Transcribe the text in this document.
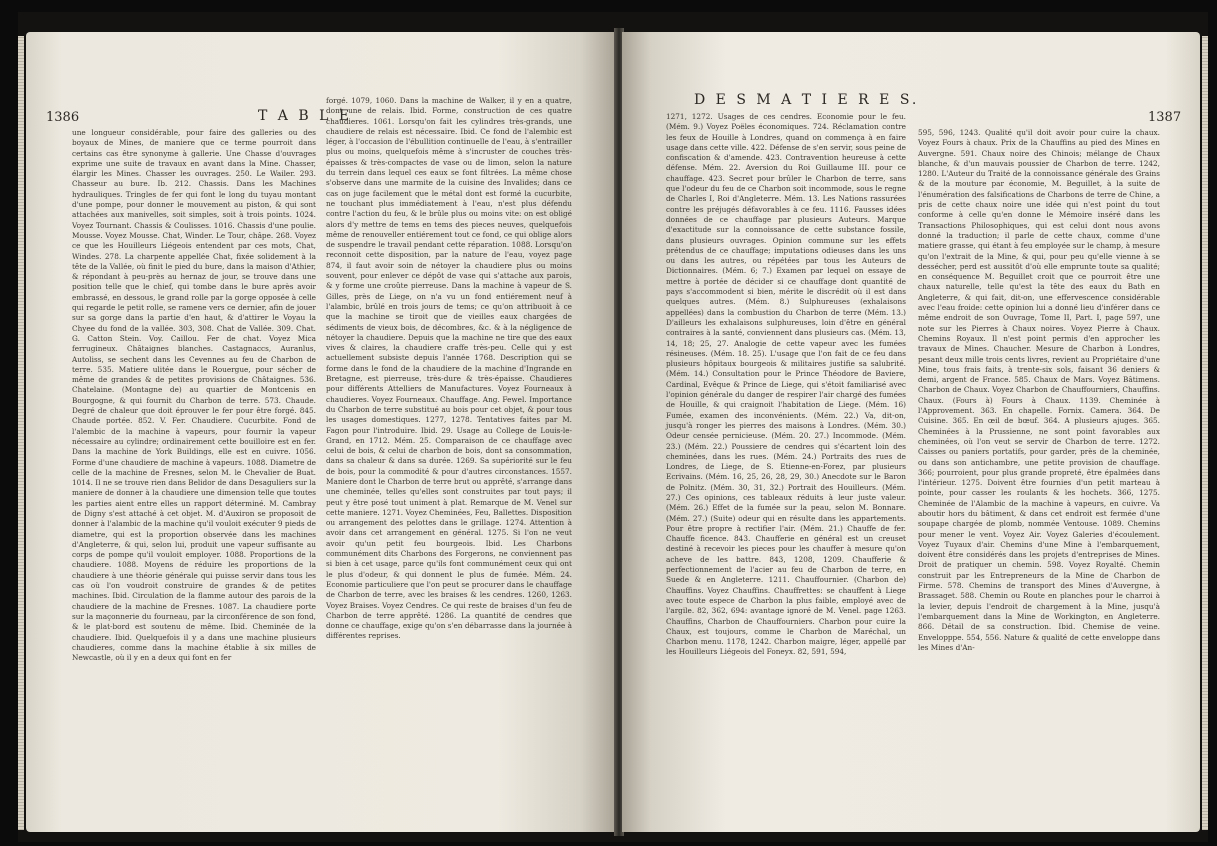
1386	T A B L E

une longueur considérable, pour faire des galleries ou des boyaux de Mines, de maniere que ce terme pourroit dans certains cas être synonyme à gallerie. Une Chasse d'ouvrages exprime une suite de travaux en avant dans la Mine. Chasser, élargir les Mines. Chasser les ouvrages. 250. Le Wailer. 293. Chasseur au bure. Ib. 212. Chassis. Dans les Machines hydrauliques. Tringles de fer qui font le long du tuyau montant d'une pompe, pour donner le mouvement au piston, & qui sont attachées aux manivelles, soit simples, soit à trois points. 1024. Voyez Tournant. Chassis & Coulisses. 1016. Chassis d'une poulie. Mousse. Voyez Mousse. Chat, Winder. Le Tour, châpe. 268. Voyez ce que les Houilleurs Liégeois entendent par ces mots, Chat, Windes. 278. La charpente appellée Chat, fixée solidement à la tête de la Vallée, où finit le pied du bure, dans la maison d'Athier, & répondant à peu-près au hernaz de jour, se trouve dans une position telle que le chief, qui tombe dans le bure après avoir embrassé, en dessous, le grand rolle par la gorge opposée à celle qui regarde le petit rolle, se ramene vers ce dernier, afin de jouer sur sa gorge dans la partie d'en haut, & d'attirer le Voyau la Chyee du fond de la vallée. 303, 308. Chat de Vallée. 309. Chat. G. Catton Stein. Voy. Caillou. Fer de chat. Voyez Mica ferrugineux. Châtaignes blanches. Castagnaccs, Auranlus, Autoliss, se sechent dans les Cevennes au feu de Charbon de terre. 535. Matiere ulitée dans le Rouergue, pour sécher de même de grandes & de petites provisions de Châtaignes. 536. Chatelaine. (Montagne de) au quartier de Montcenis en Bourgogne, & qui fournit du Charbon de terre. 573. Chaude. Degré de chaleur que doit éprouver le fer pour être forgé. 845. Chaude portée. 852. V. Fer. Chaudiere. Cucurbite. Fond de l'alembic de la machine à vapeurs, pour fournir la vapeur nécessaire au cylindre; ordinairement cette bouilloire est en fer. Dans la machine de York Buildings, elle est en cuivre. 1056. Forme d'une chaudiere de machine à vapeurs. 1088. Diametre de celle de la machine de Fresnes, selon M. le Chevalier de Buat. 1014. Il ne se trouve rien dans Belidor de dans Desaguliers sur la maniere de donner à la chaudiere une dimension telle que toutes les parties aient entre elles un rapport déterminé. M. Cambray de Digny s'est attaché à cet objet. M. d'Auxiron se proposoit de donner à l'alambic de la machine qu'il vouloit exécuter 9 pieds de diametre, qui est la proportion observée dans les machines d'Angleterre, & qui, selon lui, produit une vapeur suffisante au corps de pompe qu'il vouloit employer. 1088. Proportions de la chaudiere. 1088. Moyens de réduire les proportions de la chaudiere à une théorie générale qui puisse servir dans tous les cas où l'on voudroit construire de grandes & de petites machines. Ibid. Circulation de la flamme autour des parois de la chaudiere de la machine de Fresnes. 1087. La chaudiere porte sur la maçonnerie du fourneau, par la circonférence de son fond, & le plat-bord est soutenu de même. Ibid. Cheminée de la chaudiere. Ibid. Quelquefois il y a dans une machine plusieurs chaudieres, comme dans la machine établie à six milles de Newcastle, où il y en a deux qui font en fer

forgé. 1079, 1060. Dans la machine de Walker, il y en a quatre, dont une de relais. Ibid. Forme, construction de ces quatre chaudieres. 1061. Lorsqu'on fait les cylindres très-grands, une chaudiere de relais est nécessaire. Ibid. Ce fond de l'alembic est léger, à l'occasion de l'ébullition continuelle de l'eau, à s'entrailler plus ou moins, quelquefois même à s'incruster de couches très-épaisses & très-compactes de vase ou de limon, selon la nature du terrein dans lequel ces eaux se font filtrées. La même chose s'observe dans une marmite de la cuisine des Invalides; dans ce cas on juge facilement que le métal dont est formé la cucurbite, ne touchant plus immédiatement à l'eau, n'est plus défendu contre l'action du feu, & le brûle plus ou moins vite: on est obligé alors d'y mettre de tems en tems des pieces neuves, quelquefois même de renouveller entiérement tout ce fond, ce qui oblige alors de suspendre le travail pendant cette réparation. 1088. Lorsqu'on reconnoit cette disposition, par la nature de l'eau, voyez page 874, il faut avoir soin de nétoyer la chaudiere plus ou moins souvent, pour enlever ce dépôt de vase qui s'attache aux parois, & y forme une croûte pierreuse. Dans la machine à vapeur de S. Gilles, près de Liege, on n'a vu un fond entiérement neuf à l'alambic, brûlé en trois jours de tems; ce qu'on attribuoit à ce que la machine se tiroit que de vieilles eaux chargées de sédiments de vieux bois, de décombres, &c. & à la négligence de nétoyer la chaudiere. Depuis que la machine ne tire que des eaux vives & claires, la chaudiere craffe très-peu. Celle qui y est actuellement subsiste depuis l'année 1768. Description qui se forme dans le fond de la chaudiere de la machine d'Ingrande en Bretagne, est pierreuse, très-dure & très-épaisse. Chaudieres pour différents Attelliers de Manufactures. Voyez Fourneaux à chaudieres. Voyez Fourneaux. Chauffage. Ang. Fewel. Importance du Charbon de terre substitué au bois pour cet objet, & pour tous les usages domestiques. 1277, 1278. Tentatives faites par M. Fagon pour l'introduire. Ibid. 29. Usage au College de Louis-le-Grand, en 1712. Mém. 25. Comparaison de ce chauffage avec celui de bois, & celui de charbon de bois, dont sa consommation, dans sa chaleur & dans sa durée. 1269. Sa supériorité sur le feu de bois, pour la commodité & pour d'autres circonstances. 1557. Maniere dont le Charbon de terre brut ou apprêté, s'arrange dans une cheminée, telles qu'elles sont construites par tout pays; il peut y être posé tout uniment à plat. Remarque de M. Venel sur cette maniere. 1271. Voyez Cheminées, Feu, Ballettes. Disposition ou arrangement des pelottes dans le grillage. 1274. Attention à avoir dans cet arrangement en général. 1275. Si l'on ne veut avoir qu'un petit feu bourgeois. Ibid. Les Charbons communément dits Charbons des Forgerons, ne conviennent pas si bien à cet usage, parce qu'ils font communément ceux qui ont le plus d'odeur, & qui donnent le plus de fumée. Mém. 24. Economie particuliere que l'on peut se procurer dans le chauffage de Charbon de terre, avec les braises & les cendres. 1260, 1263. Voyez Braises. Voyez Cendres. Ce qui reste de braises d'un feu de Charbon de terre apprêté. 1286. La quantité de cendres que donne ce chauffage, exige qu'on s'en débarrasse dans la journée à différentes reprises.

D E S M A T I E R E S.
1387

1271, 1272. Usages de ces cendres. Economie pour le feu. (Mém. 9.) Voyez Poëles économiques. 724. Réclamation contre les feux de Houille à Londres, quand on commença à en faire usage dans cette ville. 422. Défense de s'en servir, sous peine de confiscation & d'amende. 423. Contravention heureuse à cette défense. Mém. 22. Aversion du Roi Guillaume III. pour ce chauffage. 423. Secret pour brûler le Charbon de terre, sans que l'odeur du feu de ce Charbon soit incommode, sous le regne de Charles I, Roi d'Angleterre. Mém. 13. Les Nations rassurées contre les préjugés défavorables à ce feu. 1116. Fausses idées données de ce chauffage par plusieurs Auteurs. Marque d'exactitude sur la connoissance de cette substance fossile, dans plusieurs ouvrages. Opinion commune sur les effets prétendus de ce chauffage; imputations odieuses dans les uns ou dans les autres, ou répétées par tous les Auteurs de Dictionnaires. (Mém. 6; 7.) Examen par lequel on essaye de mettre à portée de décider si ce chauffage dont quantité de pays s'accommodent si bien, mérite le discrédit où il est dans quelques autres. (Mém. 8.) Sulphureuses (exhalaisons appellées) dans la combustion du Charbon de terre (Mém. 13.) D'ailleurs les exhalaisons sulphureuses, loin d'être en général contraires à la santé, conviennent dans plusieurs cas. (Mém. 13, 14, 18; 25, 27. Analogie de cette vapeur avec les fumées résineuses. (Mém. 18. 25). L'usage que l'on fait de ce feu dans plusieurs hôpitaux bourgeois & militaires justifie sa salubrité. (Mém. 14.) Consultation pour le Prince Théodore de Baviere, Cardinal, Evêque & Prince de Liege, qui s'étoit familiarisé avec l'opinion générale du danger de respirer l'air chargé des fumées de Houille, & qui craignoit l'habitation de Liege. (Mém. 16) Fumée, examen des inconvénients. (Mém. 22.) Va, dit-on, jusqu'à ronger les pierres des maisons à Londres. (Mém. 30.) Odeur censée pernicieuse. (Mém. 20. 27.) Incommode. (Mém. 23.) (Mém. 22.) Poussiere de cendres qui s'écartent loin des cheminées, dans les rues. (Mém. 24.) Portraits des rues de Londres, de Liege, de S. Etienne-en-Forez, par plusieurs Ecrivains. (Mém. 16, 25, 26, 28, 29, 30.) Anecdote sur le Baron de Polnitz. (Mém. 30, 31, 32.) Portrait des Houilleurs. (Mém. 27.) Ces opinions, ces tableaux réduits à leur juste valeur. (Mém. 26.) Effet de la fumée sur la peau, selon M. Bonnare. (Mém. 27.) (Suite) odeur qui en résulte dans les appartements. Pour être propre à rectifier l'air. (Mém. 21.) Chauffe de fer. Chauffe ficence. 843. Chaufferie en général est un creuset destiné à recevoir les pieces pour les chauffer à mesure qu'on acheve de les battre. 843, 1208, 1209. Chaufferie & perfectionnement de l'acier au feu de Charbon de terre, en Suede & en Angleterre. 1211. Chauffournier. (Charbon de) Chauffins. Voyez Chauffins. Chauffrettes: se chauffent à Liege avec toute espece de Charbon la plus faible, employé avec de l'argile. 82, 362, 694: avantage ignoré de M. Venel. page 1263. Chauffins, Charbon de Chauffourniers. Charbon pour cuire la Chaux, est toujours, comme le Charbon de Maréchal, un Charbon menu. 1178, 1242. Charbon maigre, léger, appellé par les Houilleurs Liégeois del Foneyx. 82, 591, 594,

595, 596, 1243. Qualité qu'il doit avoir pour cuire la chaux. Voyez Fours à chaux. Prix de la Chauffins au pied des Mines en Auvergne. 591. Chaux noire des Chinois; mélange de Chaux blanche, & d'un mauvais poussier de Charbon de terre. 1242, 1280. L'Auteur du Traité de la connoissance générale des Grains & de la mouture par économie, M. Beguillet, à la suite de l'énumération des falsifications de Charbons de terre de Chine, a pris de cette chaux noire une idée qui n'est point du tout conforme à celle qu'en donne le Mémoire inséré dans les Transactions Philosophiques, qui est celui dont nous avons donné la traduction; il parle de cette chaux, comme d'une matiere grasse, qui étant à feu employée sur le champ, à mesure qu'on l'extrait de la Mine, & qui, pour peu qu'elle vienne à se dessécher, perd est aussitôt d'où elle emprunte toute sa qualité; en conséquence M. Beguillet croit que ce pourroit être une chaux naturelle, telle qu'est la tête des eaux du Bath en Angleterre, & qui fait, dit-on, une effervescence considérable avec l'eau froide: cette opinion lui a donné lieu d'inférer dans ce même endroit de son Ouvrage, Tome II, Part. I, page 597, une note sur les Pierres à Chaux noires. Voyez Pierre à Chaux. Chemins Royaux. Il n'est point permis d'en approcher les travaux de Mines. Chaucher. Mesure de Charbon à Londres, pesant deux mille trois cents livres, revient au Propriétaire d'une Mine, tous frais faits, à trente-six sols, faisant 36 deniers & demi, argent de France. 585. Chaux de Mars. Voyez Bâtimens. Charbon de Chaux. Voyez Charbon de Chauffourniers, Chauffins. Chaux. (Fours à) Fours à Chaux. 1139. Cheminée à l'Approvement. 363. En chapelle. Fornix. Camera. 364. De Cuisine. 365. En œil de bœuf. 364. A plusieurs ajuges. 365. Cheminées à la Prussienne, ne sont point favorables aux cheminées, où l'on veut se servir de Charbon de terre. 1272. Caisses ou paniers portatifs, pour garder, près de la cheminée, ou dans son antichambre, une petite provision de chauffage. 366; pourroient, pour plus grande propreté, être épalmées dans l'intérieur. 1275. Doivent être fournies d'un petit marteau à pointe, pour casser les roulants & les hochets. 366, 1275. Cheminée de l'Alambic de la machine à vapeurs, en cuivre. Va aboutir hors du bâtiment, & dans cet endroit est fermée d'une soupape chargée de plomb, nommée Ventouse. 1089. Chemins pour mener le vent. Voyez Air. Voyez Galeries d'écoulement. Voyez Tuyaux d'air. Chemins d'une Mine à l'embarquement, doivent être considérés dans les projets d'entreprises de Mines. Droit de pratiquer un chemin. 598. Voyez Royalté. Chemin construit par les Entrepreneurs de la Mine de Charbon de Firme. 578. Chemins de transport des Mines d'Auvergne, à Brassaget. 588. Chemin ou Route en planches pour le charroi à la levier, depuis l'endroit de chargement à la Mine, jusqu'à l'embarquement dans la Mine de Workington, en Angleterre. 866. Détail de sa construction. Ibid. Chemise de veine. Envelopppe. 554, 556. Nature & qualité de cette enveloppe dans les Mines d'An-
